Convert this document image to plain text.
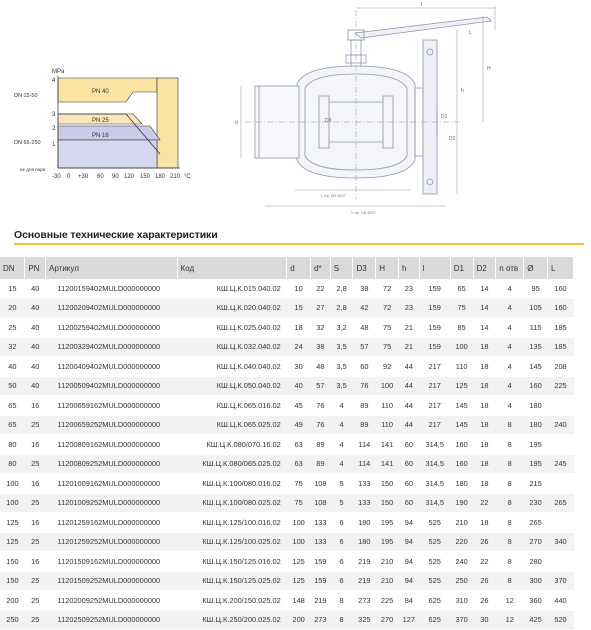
MPa
PN 40
PN 25
PN 16
4
3
2
1
DN 15-50
DN 65-250
не для пара
-30 0 +30 60 90 120 150 180 210 °С
L
l
H
h
d
D1
D2
D3
L стр. DN 40/27
1 стр. DN 40/27
Основные технические характеристики
DN	PN	Артикул	Код	d	d*	S	D3	H	h	l	D1	D2	n отв	Ø	L
15	40	11200159402MULD000000000	КШ.Ц.К.015.040.02	10	22	2,8	38	72	23	159	65	14	4	95	160
20	40	11200209402MULD000000000	КШ.Ц.К.020.040.02	15	27	2,8	42	72	23	159	75	14	4	105	160
25	40	11200259402MULD000000000	КШ.Ц.К.025.040.02	18	32	3,2	48	75	21	159	85	14	4	115	185
32	40	11200329402MULD000000000	КШ.Ц.К.032.040.02	24	38	3,5	57	75	21	159	100	18	4	135	185
40	40	11200409402MULD000000000	КШ.Ц.К.040.040.02	30	48	3,5	60	92	44	217	110	18	4	145	208
50	40	11200509402MULD000000000	КШ.Ц.К.050.040.02	40	57	3,5	76	100	44	217	125	18	4	160	225
65	16	11200659162MULD000000000	КШ.Ц.К.065.016.02	45	76	4	89	110	44	217	145	18	4	180	
65	25	11200659252MULD000000000	КШ.Ц.К.065.025.02	49	76	4	89	110	44	217	145	18	8	180	240
80	16	11200809162MULD000000000	КШ.Ц.К.080/070.16.02	63	89	4	114	141	60	314,5	160	18	8	195	
80	25	11200809252MULD000000000	КШ.Ц.К.080/065.025.02	63	89	4	114	141	60	314,5	160	18	8	195	245
100	16	11201009162MULD000000000	КШ.Ц.К.100/080.016.02	75	108	5	133	150	60	314,5	180	18	8	215	
100	25	11201009252MULD000000000	КШ.Ц.К.100/080.025.02	75	108	5	133	150	60	314,5	190	22	8	230	265
125	16	11201259162MULD000000000	КШ.Ц.К.125/100.016.02	100	133	6	180	195	94	525	210	18	8	265	
125	25	11201259252MULD000000000	КШ.Ц.К.125/100.025.02	100	133	6	180	195	94	525	220	26	8	270	340
150	16	11201509162MULD000000000	КШ.Ц.К.150/125.016.02	125	159	6	219	210	94	525	240	22	8	280	
150	25	11201509252MULD000000000	КШ.Ц.К.150/125.025.02	125	159	6	219	210	94	525	250	26	8	300	370
200	25	11202009252MULD000000000	КШ.Ц.К.200/150.025.02	148	219	8	273	225	84	625	310	26	12	360	440
250	25	11202509252MULD000000000	КШ.Ц.К.250/200.025.02	200	273	8	325	270	127	625	370	30	12	425	520
